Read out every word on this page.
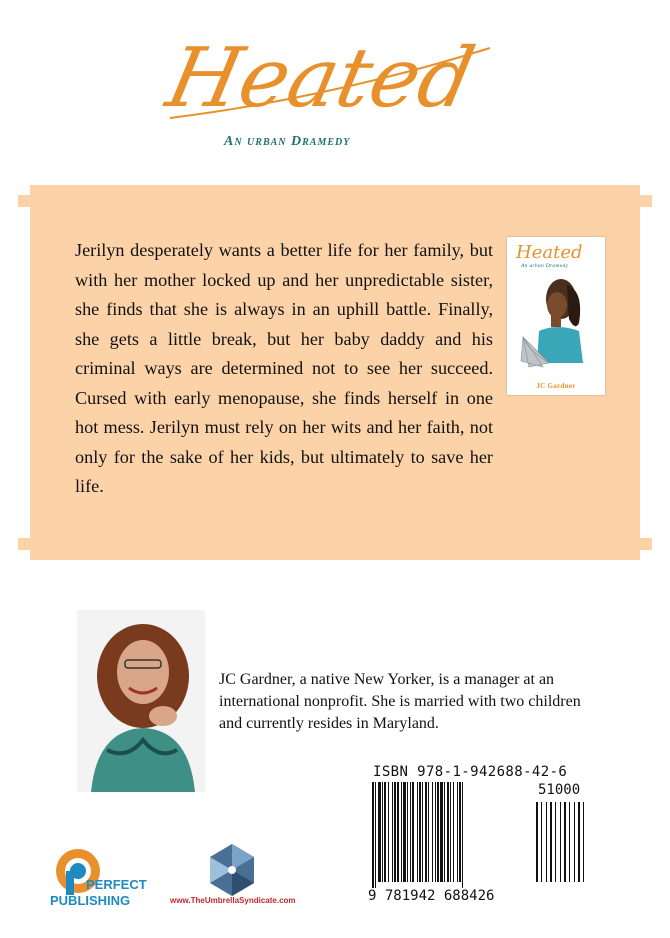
Heated
An urban Dramedy
Jerilyn desperately wants a better life for her family, but with her mother locked up and her unpredictable sister, she finds that she is always in an uphill battle. Finally, she gets a little break, but her baby daddy and his criminal ways are determined not to see her succeed. Cursed with early menopause, she finds herself in one hot mess. Jerilyn must rely on her wits and her faith, not only for the sake of her kids, but ultimately to save her life.
Heated
An urban Dramedy
JC Gardner
JC Gardner, a native New Yorker, is a manager at an international nonprofit. She is married with two children and currently resides in Maryland.
ISBN 978-1-942688-42-6
51000
9 781942 688426
PERFECT
PUBLISHING	www.TheUmbrellaSyndicate.com
